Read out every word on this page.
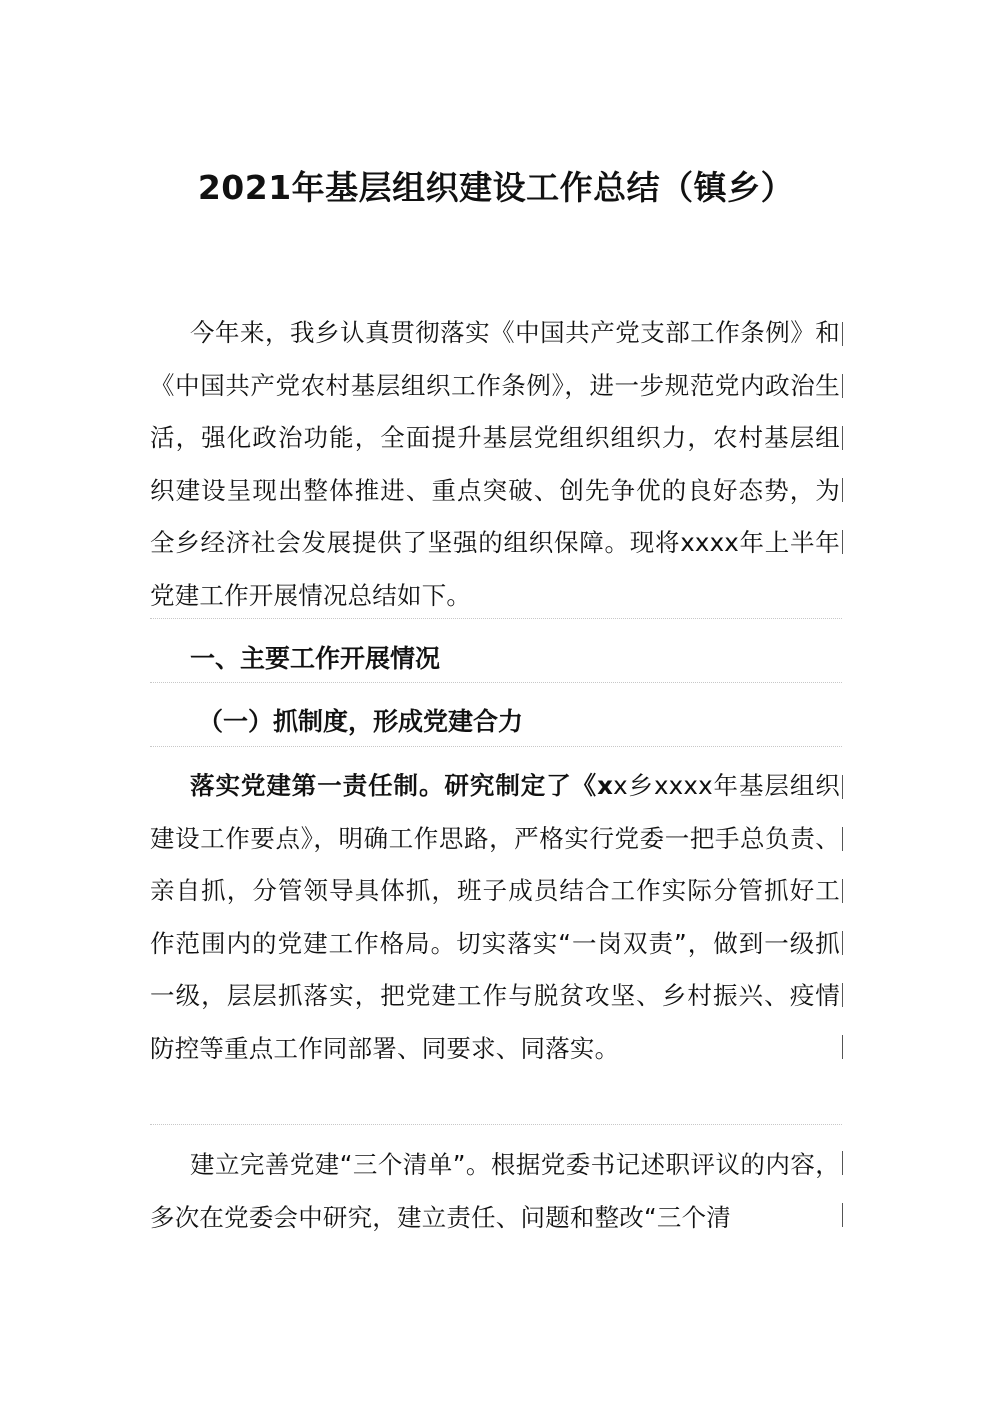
2021年基层组织建设工作总结（镇乡）

今年来，我乡认真贯彻落实《中国共产党支部工作条例》和《中国共产党农村基层组织工作条例》，进一步规范党内政治生活，强化政治功能，全面提升基层党组织组织力，农村基层组织建设呈现出整体推进、重点突破、创先争优的良好态势，为全乡经济社会发展提供了坚强的组织保障。现将xxxx年上半年党建工作开展情况总结如下。

一、主要工作开展情况
（一）抓制度，形成党建合力

落实党建第一责任制。研究制定了《xx乡xxxx年基层组织建设工作要点》，明确工作思路，严格实行党委一把手总负责、亲自抓，分管领导具体抓，班子成员结合工作实际分管抓好工作范围内的党建工作格局。切实落实“一岗双责”，做到一级抓一级，层层抓落实，把党建工作与脱贫攻坚、乡村振兴、疫情防控等重点工作同部署、同要求、同落实。

建立完善党建“三个清单”。根据党委书记述职评议的内容，多次在党委会中研究，建立责任、问题和整改“三个清
